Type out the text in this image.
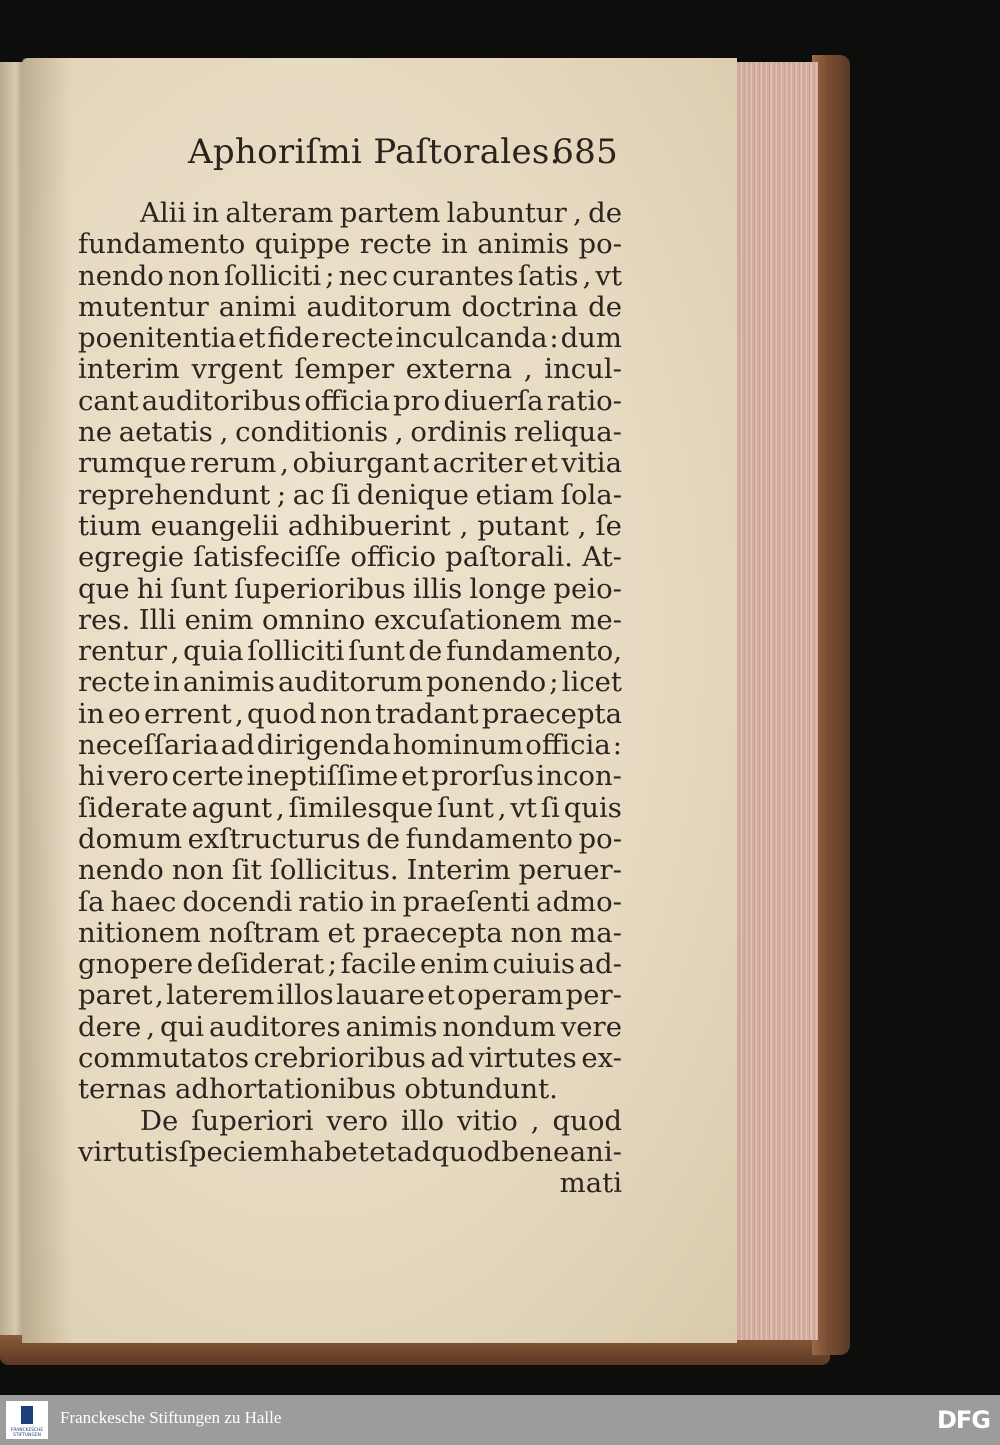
Aphoriſmi Paſtorales.
685
Alii in alteram partem labuntur , de
fundamento quippe recte in animis po-
nendo non ſolliciti ; nec curantes ſatis , vt
mutentur animi auditorum doctrina de
poenitentia et fide recte inculcanda : dum
interim vrgent ſemper externa , incul-
cant auditoribus officia pro diuerſa ratio-
ne aetatis , conditionis , ordinis reliqua-
rumque rerum , obiurgant acriter et vitia
reprehendunt ; ac ſi denique etiam ſola-
tium euangelii adhibuerint , putant , ſe
egregie ſatisfeciſſe officio paſtorali. At-
que hi ſunt ſuperioribus illis longe peio-
res. Illi enim omnino excuſationem me-
rentur , quia ſolliciti ſunt de fundamento,
recte in animis auditorum ponendo ; licet
in eo errent , quod non tradant praecepta
neceſſaria ad dirigenda hominum officia :
hi vero certe ineptiſſime et prorſus incon-
ſiderate agunt , ſimilesque ſunt , vt ſi quis
domum exſtructurus de fundamento po-
nendo non ſit ſollicitus. Interim peruer-
ſa haec docendi ratio in praeſenti admo-
nitionem noſtram et praecepta non ma-
gnopere deſiderat ; facile enim cuiuis ad-
paret , laterem illos lauare et operam per-
dere , qui auditores animis nondum vere
commutatos crebrioribus ad virtutes ex-
ternas adhortationibus obtundunt.
De ſuperiori vero illo vitio , quod
virtutis ſpeciem habet et ad quod bene ani-
mati
FRANCKESCHE STIFTUNGEN
Franckesche Stiftungen zu Halle	DFG
